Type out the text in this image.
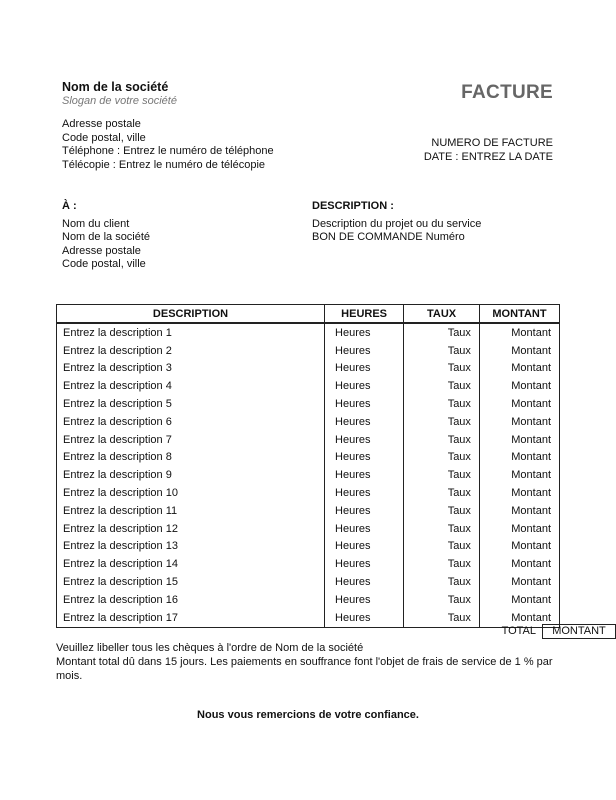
Nom de la société
Slogan de votre société	FACTURE
Adresse postale
Code postal, ville
Téléphone : Entrez le numéro de téléphone
Télécopie : Entrez le numéro de télécopie
NUMERO DE FACTURE
DATE : ENTREZ LA DATE
À :
Nom du client
Nom de la société
Adresse postale
Code postal, ville
DESCRIPTION :
Description du projet ou du service
BON DE COMMANDE Numéro
DESCRIPTION	HEURES	TAUX	MONTANT
Entrez la description 1	Heures	Taux	Montant
Entrez la description 2	Heures	Taux	Montant
Entrez la description 3	Heures	Taux	Montant
Entrez la description 4	Heures	Taux	Montant
Entrez la description 5	Heures	Taux	Montant
Entrez la description 6	Heures	Taux	Montant
Entrez la description 7	Heures	Taux	Montant
Entrez la description 8	Heures	Taux	Montant
Entrez la description 9	Heures	Taux	Montant
Entrez la description 10	Heures	Taux	Montant
Entrez la description 11	Heures	Taux	Montant
Entrez la description 12	Heures	Taux	Montant
Entrez la description 13	Heures	Taux	Montant
Entrez la description 14	Heures	Taux	Montant
Entrez la description 15	Heures	Taux	Montant
Entrez la description 16	Heures	Taux	Montant
Entrez la description 17	Heures	Taux	Montant
TOTAL	MONTANT
Veuillez libeller tous les chèques à l'ordre de Nom de la société
Montant total dû dans 15 jours. Les paiements en souffrance font l'objet de frais de service de 1 % par mois.
Nous vous remercions de votre confiance.
